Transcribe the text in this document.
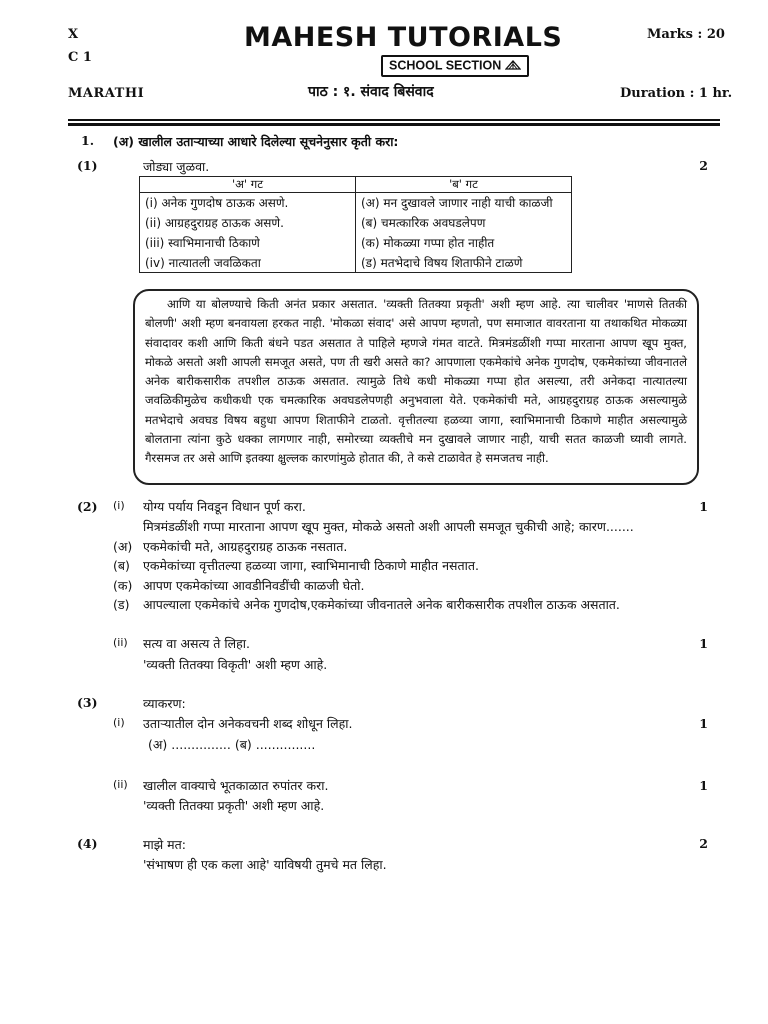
X
C 1
MARATHI
MAHESH TUTORIALS
SCHOOL SECTION
पाठ : १. संवाद बिसंवाद
Marks : 20
Duration : 1 hr.
1. (अ) खालील उताऱ्याच्या आधारे दिलेल्या सूचनेनुसार कृती करा:
(1)	जोड्या जुळवा.	2
'अ' गट	'ब' गट
(i) अनेक गुणदोष ठाऊक असणे.	(अ) मन दुखावले जाणार नाही याची काळजी
(ii) आग्रहदुराग्रह ठाऊक असणे.	(ब) चमत्कारिक अवघडलेपण
(iii) स्वाभिमानाची ठिकाणे	(क) मोकळ्या गप्पा होत नाहीत
(iv) नात्यातली जवळिकता	(ड) मतभेदाचे विषय शिताफीने टाळणे

आणि या बोलण्याचे किती अनंत प्रकार असतात. 'व्यक्ती तितक्या प्रकृती' अशी म्हण आहे. त्या चालीवर 'माणसे तितकी बोलणी' अशी म्हण बनवायला हरकत नाही. 'मोकळा संवाद' असे आपण म्हणतो, पण समाजात वावरताना या तथाकथित मोकळ्या संवादावर कशी आणि किती बंधने पडत असतात ते पाहिले म्हणजे गंमत वाटते. मित्रमंडळींशी गप्पा मारताना आपण खूप मुक्त, मोकळे असतो अशी आपली समजूत असते, पण ती खरी असते का? आपणाला एकमेकांचे अनेक गुणदोष, एकमेकांच्या जीवनातले अनेक बारीकसारीक तपशील ठाऊक असतात. त्यामुळे तिथे कधी मोकळ्या गप्पा होत असल्या, तरी अनेकदा नात्यातल्या जवळिकीमुळेच कधीकधी एक चमत्कारिक अवघडलेपणही अनुभवाला येते. एकमेकांची मते, आग्रहदुराग्रह ठाऊक असल्यामुळे मतभेदाचे अवघड विषय बहुधा आपण शिताफीने टाळतो. वृत्तीतल्या हळव्या जागा, स्वाभिमानाची ठिकाणे माहीत असल्यामुळे बोलताना त्यांना कुठे धक्का लागणार नाही, समोरच्या व्यक्तीचे मन दुखावले जाणार नाही, याची सतत काळजी घ्यावी लागते. गैरसमज तर असे आणि इतक्या क्षुल्लक कारणांमुळे होतात की, ते कसे टाळावेत हे समजतच नाही.

(2) (i) योग्य पर्याय निवडून विधान पूर्ण करा.	1
मित्रमंडळींशी गप्पा मारताना आपण खूप मुक्त, मोकळे असतो अशी आपली समजूत चुकीची आहे; कारण.......
(अ) एकमेकांची मते, आग्रहदुराग्रह ठाऊक नसतात.
(ब) एकमेकांच्या वृत्तीतल्या हळव्या जागा, स्वाभिमानाची ठिकाणे माहीत नसतात.
(क) आपण एकमेकांच्या आवडीनिवडींची काळजी घेतो.
(ड) आपल्याला एकमेकांचे अनेक गुणदोष,एकमेकांच्या जीवनातले अनेक बारीकसारीक तपशील ठाऊक असतात.
(ii) सत्य वा असत्य ते लिहा.	1
'व्यक्ती तितक्या विकृती' अशी म्हण आहे.
(3)	व्याकरण:
(i) उताऱ्यातील दोन अनेकवचनी शब्द शोधून लिहा.	1
(अ) ............... (ब) ...............
(ii) खालील वाक्याचे भूतकाळात रुपांतर करा.	1
'व्यक्ती तितक्या प्रकृती' अशी म्हण आहे.
(4)	माझे मत:	2
'संभाषण ही एक कला आहे' याविषयी तुमचे मत लिहा.
